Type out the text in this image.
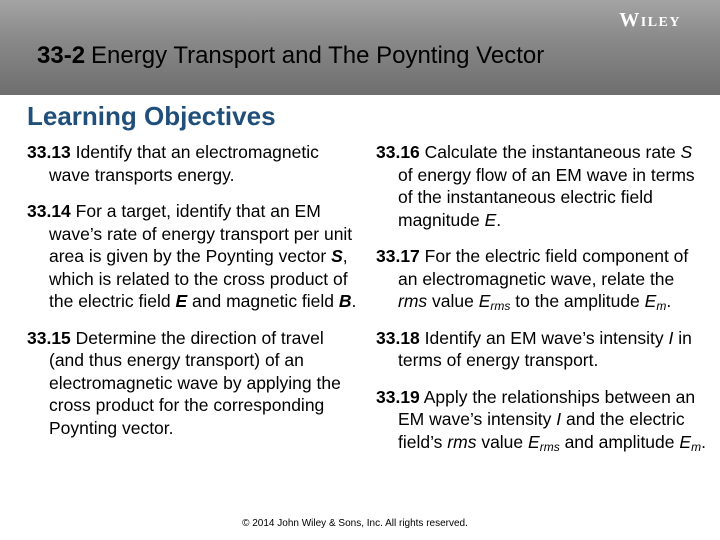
Wiley
33-2 Energy Transport and The Poynting Vector
Learning Objectives

33.13 Identify that an electromagnetic wave transports energy.

33.14 For a target, identify that an EM wave’s rate of energy transport per unit area is given by the Poynting vector S, which is related to the cross product of the electric field E and magnetic field B.

33.15 Determine the direction of travel (and thus energy transport) of an electromagnetic wave by applying the cross product for the corresponding Poynting vector.

33.16 Calculate the instantaneous rate S of energy flow of an EM wave in terms of the instantaneous electric field magnitude E.

33.17 For the electric field component of an electromagnetic wave, relate the rms value $E_{rms}$ to the amplitude $E_m$.

33.18 Identify an EM wave’s intensity I in terms of energy transport.

33.19 Apply the relationships between an EM wave’s intensity I and the electric field’s rms value $E_{rms}$ and amplitude $E_m$.

© 2014 John Wiley & Sons, Inc. All rights reserved.
